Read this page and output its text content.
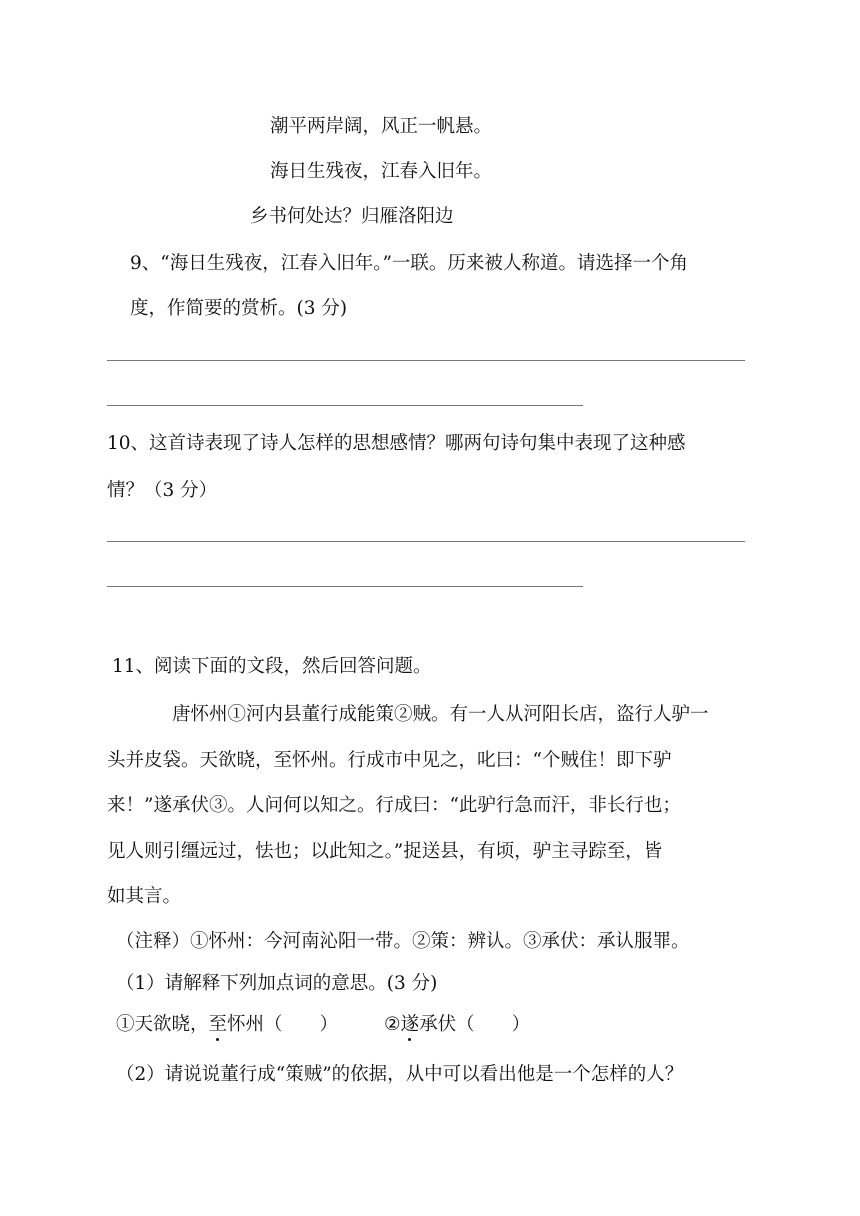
潮平两岸阔，风正一帆悬。
海日生残夜，江春入旧年。
乡书何处达？归雁洛阳边
9、“海日生残夜，江春入旧年。”一联。历来被人称道。请选择一个角
度，作简要的赏析。(3 分)
10、这首诗表现了诗人怎样的思想感情？哪两句诗句集中表现了这种感
情？（3 分）
11、阅读下面的文段，然后回答问题。
唐怀州①河内县董行成能策②贼。有一人从河阳长店，盗行人驴一
头并皮袋。天欲晓，至怀州。行成市中见之，叱曰：“个贼住！即下驴
来！”遂承伏③。人问何以知之。行成曰：“此驴行急而汗，非长行也；
见人则引缰远过，怯也；以此知之。”捉送县，有顷，驴主寻踪至，皆
如其言。
（注释）①怀州：今河南沁阳一带。②策：辨认。③承伏：承认服罪。
（1）请解释下列加点词的意思。(3 分)
①天欲晓，至怀州（　　） ②遂承伏（　　）
（2）请说说董行成“策贼”的依据，从中可以看出他是一个怎样的人？
